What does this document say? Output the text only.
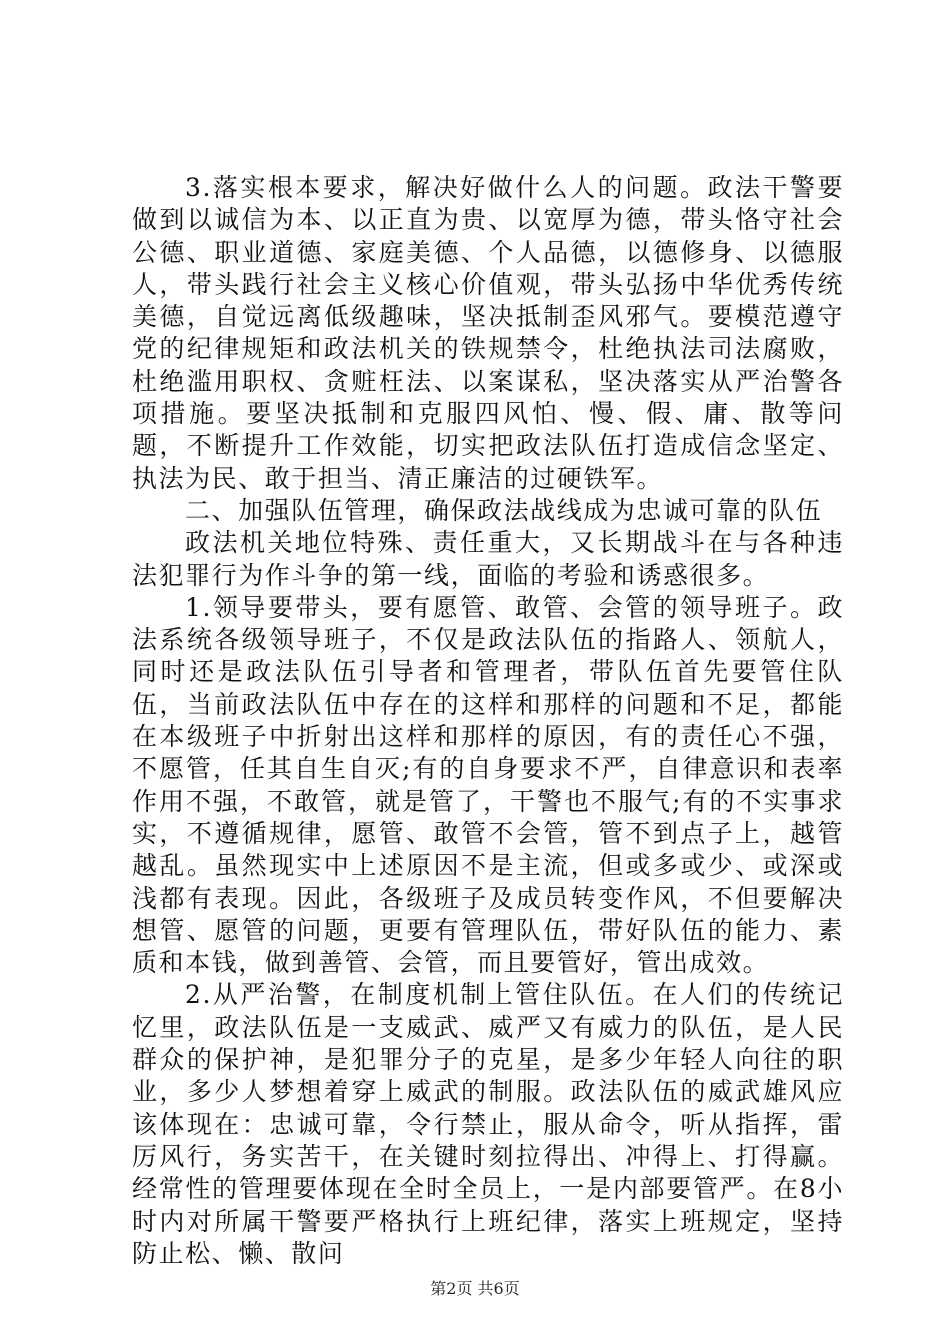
3.落实根本要求，解决好做什么人的问题。政法干警要做到以诚信为本、以正直为贵、以宽厚为德，带头恪守社会公德、职业道德、家庭美德、个人品德，以德修身、以德服人，带头践行社会主义核心价值观，带头弘扬中华优秀传统美德，自觉远离低级趣味，坚决抵制歪风邪气。要模范遵守党的纪律规矩和政法机关的铁规禁令，杜绝执法司法腐败，杜绝滥用职权、贪赃枉法、以案谋私，坚决落实从严治警各项措施。要坚决抵制和克服四风怕、慢、假、庸、散等问题，不断提升工作效能，切实把政法队伍打造成信念坚定、执法为民、敢于担当、清正廉洁的过硬铁军。

二、加强队伍管理，确保政法战线成为忠诚可靠的队伍

政法机关地位特殊、责任重大，又长期战斗在与各种违法犯罪行为作斗争的第一线，面临的考验和诱惑很多。

1.领导要带头，要有愿管、敢管、会管的领导班子。政法系统各级领导班子，不仅是政法队伍的指路人、领航人，同时还是政法队伍引导者和管理者，带队伍首先要管住队伍，当前政法队伍中存在的这样和那样的问题和不足，都能在本级班子中折射出这样和那样的原因，有的责任心不强，不愿管，任其自生自灭;有的自身要求不严，自律意识和表率作用不强，不敢管，就是管了，干警也不服气;有的不实事求实，不遵循规律，愿管、敢管不会管，管不到点子上，越管越乱。虽然现实中上述原因不是主流，但或多或少、或深或浅都有表现。因此，各级班子及成员转变作风，不但要解决想管、愿管的问题，更要有管理队伍，带好队伍的能力、素质和本钱，做到善管、会管，而且要管好，管出成效。

2.从严治警，在制度机制上管住队伍。在人们的传统记忆里，政法队伍是一支威武、威严又有威力的队伍，是人民群众的保护神，是犯罪分子的克星，是多少年轻人向往的职业，多少人梦想着穿上威武的制服。政法队伍的威武雄风应该体现在：忠诚可靠，令行禁止，服从命令，听从指挥，雷厉风行，务实苦干，在关键时刻拉得出、冲得上、打得赢。经常性的管理要体现在全时全员上，一是内部要管严。在8小时内对所属干警要严格执行上班纪律，落实上班规定，坚持防止松、懒、散问

第2页 共6页
